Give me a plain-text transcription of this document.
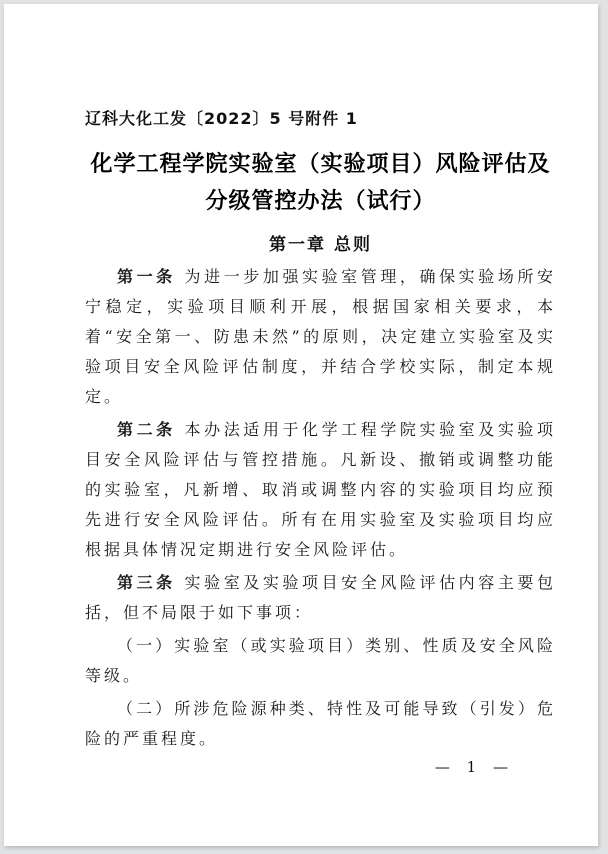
辽科大化工发〔2022〕5 号附件 1
化学工程学院实验室（实验项目）风险评估及
分级管控办法（试行）
第一章 总则

第一条 为进一步加强实验室管理，确保实验场所安宁稳定，实验项目顺利开展，根据国家相关要求，本着“安全第一、防患未然”的原则，决定建立实验室及实验项目安全风险评估制度，并结合学校实际，制定本规定。

第二条 本办法适用于化学工程学院实验室及实验项目安全风险评估与管控措施。凡新设、撤销或调整功能的实验室，凡新增、取消或调整内容的实验项目均应预先进行安全风险评估。所有在用实验室及实验项目均应根据具体情况定期进行安全风险评估。

第三条 实验室及实验项目安全风险评估内容主要包括，但不局限于如下事项：

（一）实验室（或实验项目）类别、性质及安全风险等级。

（二）所涉危险源种类、特性及可能导致（引发）危险的严重程度。

— 1 —
